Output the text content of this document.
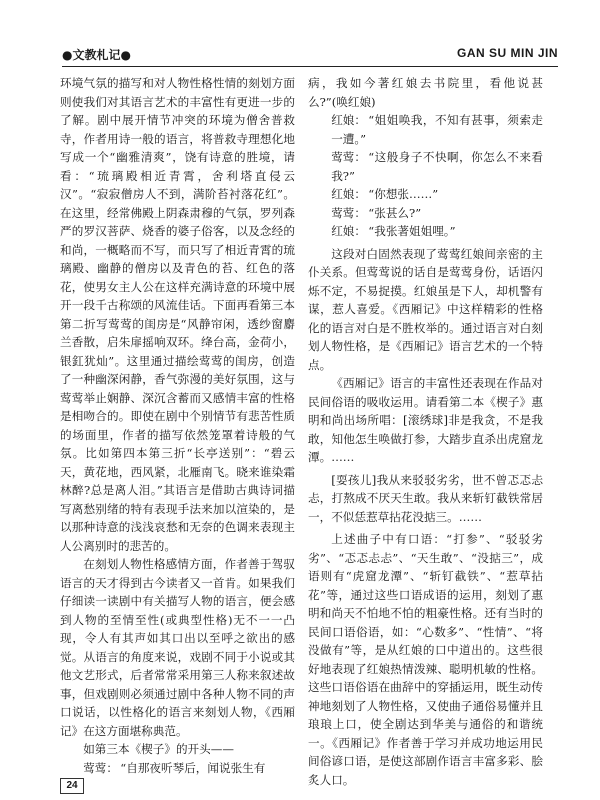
●文教札记●	GAN SU MIN JIN

环境气氛的描写和对人物性格性情的刻划方面则使我们对其语言艺术的丰富性有更进一步的了解。剧中展开情节冲突的环境为僧舍普救寺，作者用诗一般的语言，将普救寺理想化地写成一个“幽雅清爽”，饶有诗意的胜境，请看：“琉璃殿相近青霄，舍利塔直侵云汉”。“寂寂僧房人不到，满阶苔衬落花红”。在这里，经常佛殿上阴森肃穆的气氛，罗列森严的罗汉菩萨、烧香的婆子俗客，以及念经的和尚，一概略而不写，而只写了相近青霄的琉璃殿、幽静的僧房以及青色的苔、红色的落花，使男女主人公在这样充满诗意的环境中展开一段千古称颂的风流佳话。下面再看第三本第二折写莺莺的闺房是“风静帘闲，透纱窗麝兰香散，启朱扉摇响双环。绛台高，金荷小，银釭犹灿”。这里通过描绘莺莺的闺房，创造了一种幽深闲静，香气弥漫的美好氛围，这与莺莺举止娴静、深沉含蓄而又感情丰富的性格是相吻合的。即使在剧中个别情节有悲苦性质的场面里，作者的描写依然笼罩着诗般的气氛。比如第四本第三折“长亭送别”：“碧云天，黄花地，西风紧，北雁南飞。晓来谁染霜林醉?总是离人泪。”其语言是借助古典诗词描写离愁别绪的特有表现手法来加以渲染的，是以那种诗意的浅浅哀愁和无奈的色调来表现主人公离别时的悲苦的。

在刻划人物性格感情方面，作者善于驾驭语言的天才得到古今读者又一首肯。如果我们仔细读一读剧中有关描写人物的语言，便会感到人物的至情至性(或典型性格)无不一一凸现，令人有其声如其口出以至呼之欲出的感觉。从语言的角度来说，戏剧不同于小说或其他文艺形式，后者常常采用第三人称来叙述故事，但戏剧则必须通过剧中各种人物不同的声口说话，以性格化的语言来刻划人物，《西厢记》在这方面堪称典范。

如第三本《楔子》的开头——

莺莺： “自那夜听琴后，闻说张生有

病，我如今著红娘去书院里，看他说甚么?”(唤红娘)

红娘： “姐姐唤我，不知有甚事，须索走一遭。”

莺莺： “这般身子不快啊，你怎么不来看我?”

红娘： “你想张……”

莺莺： “张甚么?”

红娘： “我张著姐姐哩。”

这段对白固然表现了莺莺红娘间亲密的主仆关系。但莺莺说的话自是莺莺身份，话语闪烁不定，不易捉摸。红娘虽是下人，却机警有谋，惹人喜爱。《西厢记》中这样精彩的性格化的语言对白是不胜枚举的。通过语言对白刻划人物性格，是《西厢记》语言艺术的一个特点。

《西厢记》语言的丰富性还表现在作品对民间俗语的吸收运用。请看第二本《楔子》惠明和尚出场所唱：[滚绣球]非是我贪，不是我敢，知他怎生唤做打参，大踏步直杀出虎窟龙潭。……

[耍孩儿]我从来驳驳劣劣，世不曾忑忑忐忐，打熬成不厌天生敢。我从来斩钉截铁常居一，不似恁惹草拈花没掂三。……

上述曲子中有口语：“打参”、“驳驳劣劣”、“忑忑忐忐”、“天生敢”、“没掂三”，成语则有“虎窟龙潭”、“斩钉截铁”、“惹草拈花”等，通过这些口语成语的运用，刻划了惠明和尚天不怕地不怕的粗豪性格。还有当时的民间口语俗语，如：“心数多”、“性情”、“将没做有”等，是从红娘的口中道出的。这些很好地表现了红娘热情泼辣、聪明机敏的性格。这些口语俗语在曲辞中的穿插运用，既生动传神地刻划了人物性格，又使曲子通俗易懂并且琅琅上口，使全剧达到华美与通俗的和谐统一。《西厢记》作者善于学习并成功地运用民间俗谚口语，是使这部剧作语言丰富多彩、脍炙人口。

24
